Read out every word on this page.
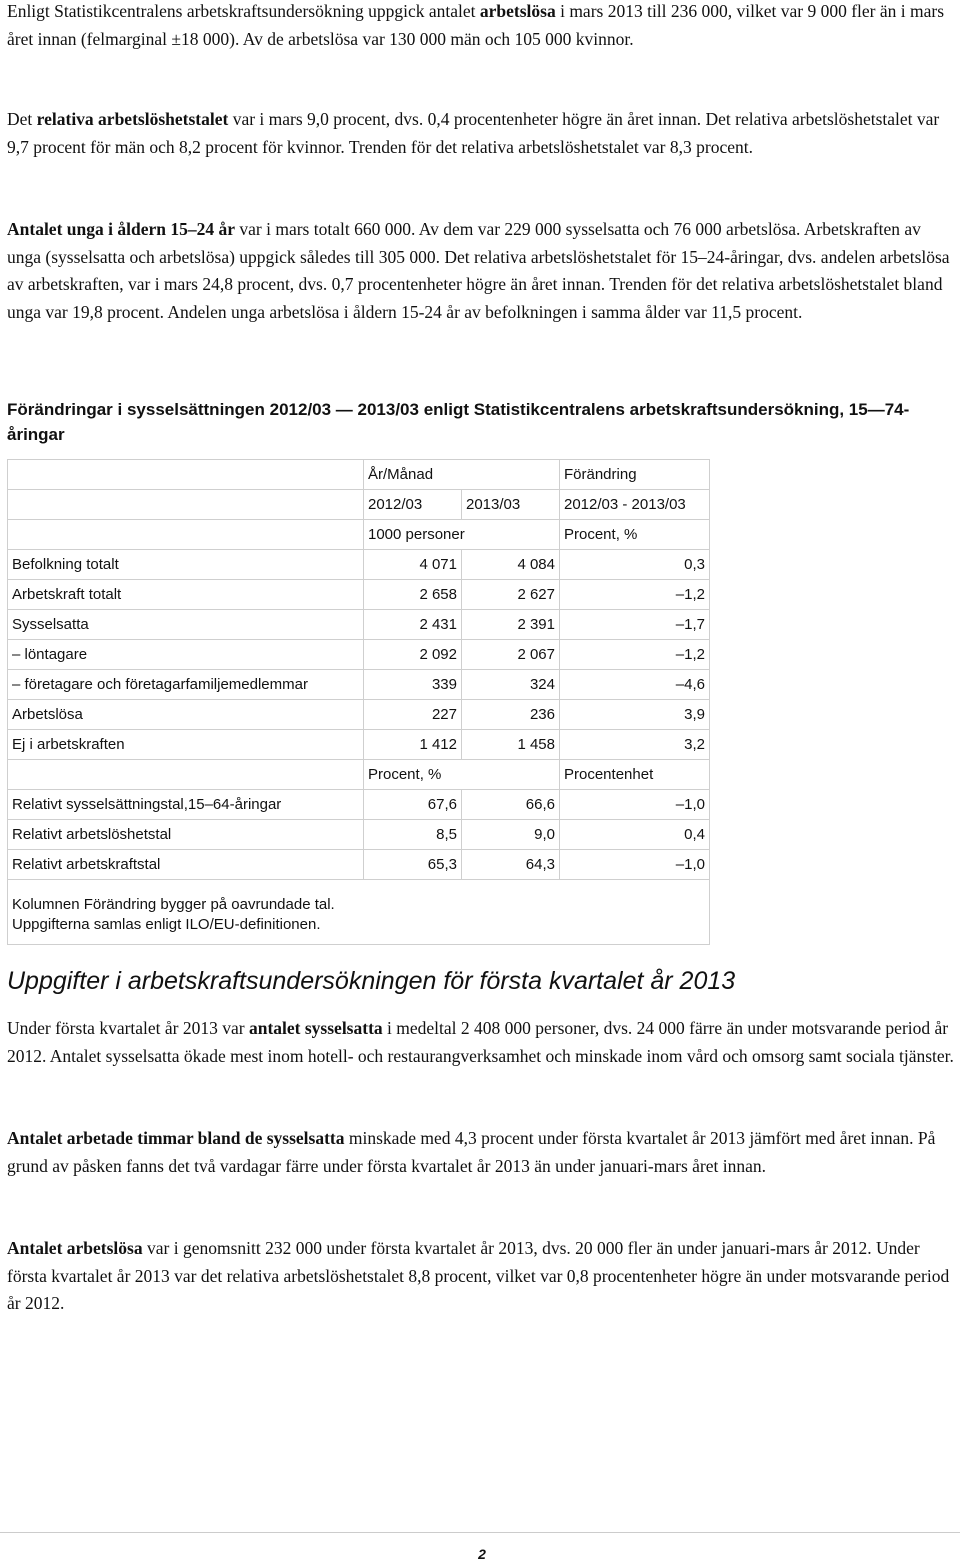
Enligt Statistikcentralens arbetskraftsundersökning uppgick antalet arbetslösa i mars 2013 till 236 000, vilket var 9 000 fler än i mars året innan (felmarginal ±18 000). Av de arbetslösa var 130 000 män och 105 000 kvinnor.

Det relativa arbetslöshetstalet var i mars 9,0 procent, dvs. 0,4 procentenheter högre än året innan. Det relativa arbetslöshetstalet var 9,7 procent för män och 8,2 procent för kvinnor. Trenden för det relativa arbetslöshetstalet var 8,3 procent.

Antalet unga i åldern 15–24 år var i mars totalt 660 000. Av dem var 229 000 sysselsatta och 76 000 arbetslösa. Arbetskraften av unga (sysselsatta och arbetslösa) uppgick således till 305 000. Det relativa arbetslöshetstalet för 15–24-åringar, dvs. andelen arbetslösa av arbetskraften, var i mars 24,8 procent, dvs. 0,7 procentenheter högre än året innan. Trenden för det relativa arbetslöshetstalet bland unga var 19,8 procent. Andelen unga arbetslösa i åldern 15-24 år av befolkningen i samma ålder var 11,5 procent.

Förändringar i sysselsättningen 2012/03 — 2013/03 enligt Statistikcentralens arbetskraftsundersökning, 15—74-åringar
	År/Månad		Förändring
	2012/03	2013/03	2012/03 - 2013/03
	1000 personer		Procent, %
Befolkning totalt	4 071	4 084	0,3
Arbetskraft totalt	2 658	2 627	–1,2
Sysselsatta	2 431	2 391	–1,7
– löntagare	2 092	2 067	–1,2
– företagare och företagarfamiljemedlemmar	339	324	–4,6
Arbetslösa	227	236	3,9
Ej i arbetskraften	1 412	1 458	3,2
	Procent, %		Procentenhet
Relativt sysselsättningstal,15–64-åringar	67,6	66,6	–1,0
Relativt arbetslöshetstal	8,5	9,0	0,4
Relativt arbetskraftstal	65,3	64,3	–1,0

Kolumnen Förändring bygger på oavrundade tal.
Uppgifterna samlas enligt ILO/EU-definitionen.			
Uppgifter i arbetskraftsundersökningen för första kvartalet år 2013

Under första kvartalet år 2013 var antalet sysselsatta i medeltal 2 408 000 personer, dvs. 24 000 färre än under motsvarande period år 2012. Antalet sysselsatta ökade mest inom hotell- och restaurangverksamhet och minskade inom vård och omsorg samt sociala tjänster.

Antalet arbetade timmar bland de sysselsatta minskade med 4,3 procent under första kvartalet år 2013 jämfört med året innan. På grund av påsken fanns det två vardagar färre under första kvartalet år 2013 än under januari-mars året innan.

Antalet arbetslösa var i genomsnitt 232 000 under första kvartalet år 2013, dvs. 20 000 fler än under januari-mars år 2012. Under första kvartalet år 2013 var det relativa arbetslöshetstalet 8,8 procent, vilket var 0,8 procentenheter högre än under motsvarande period år 2012.

2
